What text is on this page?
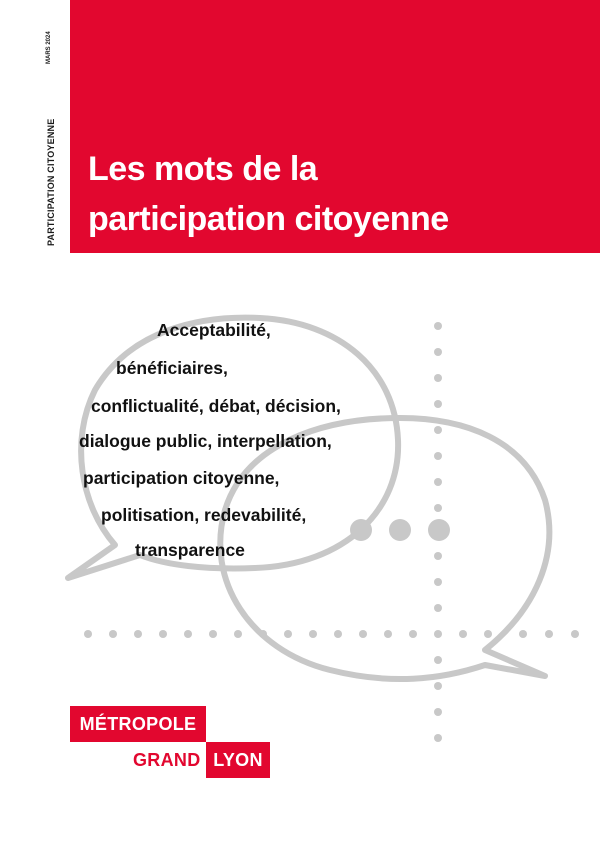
PARTICIPATION CITOYENNE
MARS 2024
Les mots de la
participation citoyenne
Acceptabilité,
bénéficiaires,
conflictualité, débat, décision,
dialogue public, interpellation,
participation citoyenne,
politisation, redevabilité,
transparence
MÉTROPOLE
GRAND LYON
